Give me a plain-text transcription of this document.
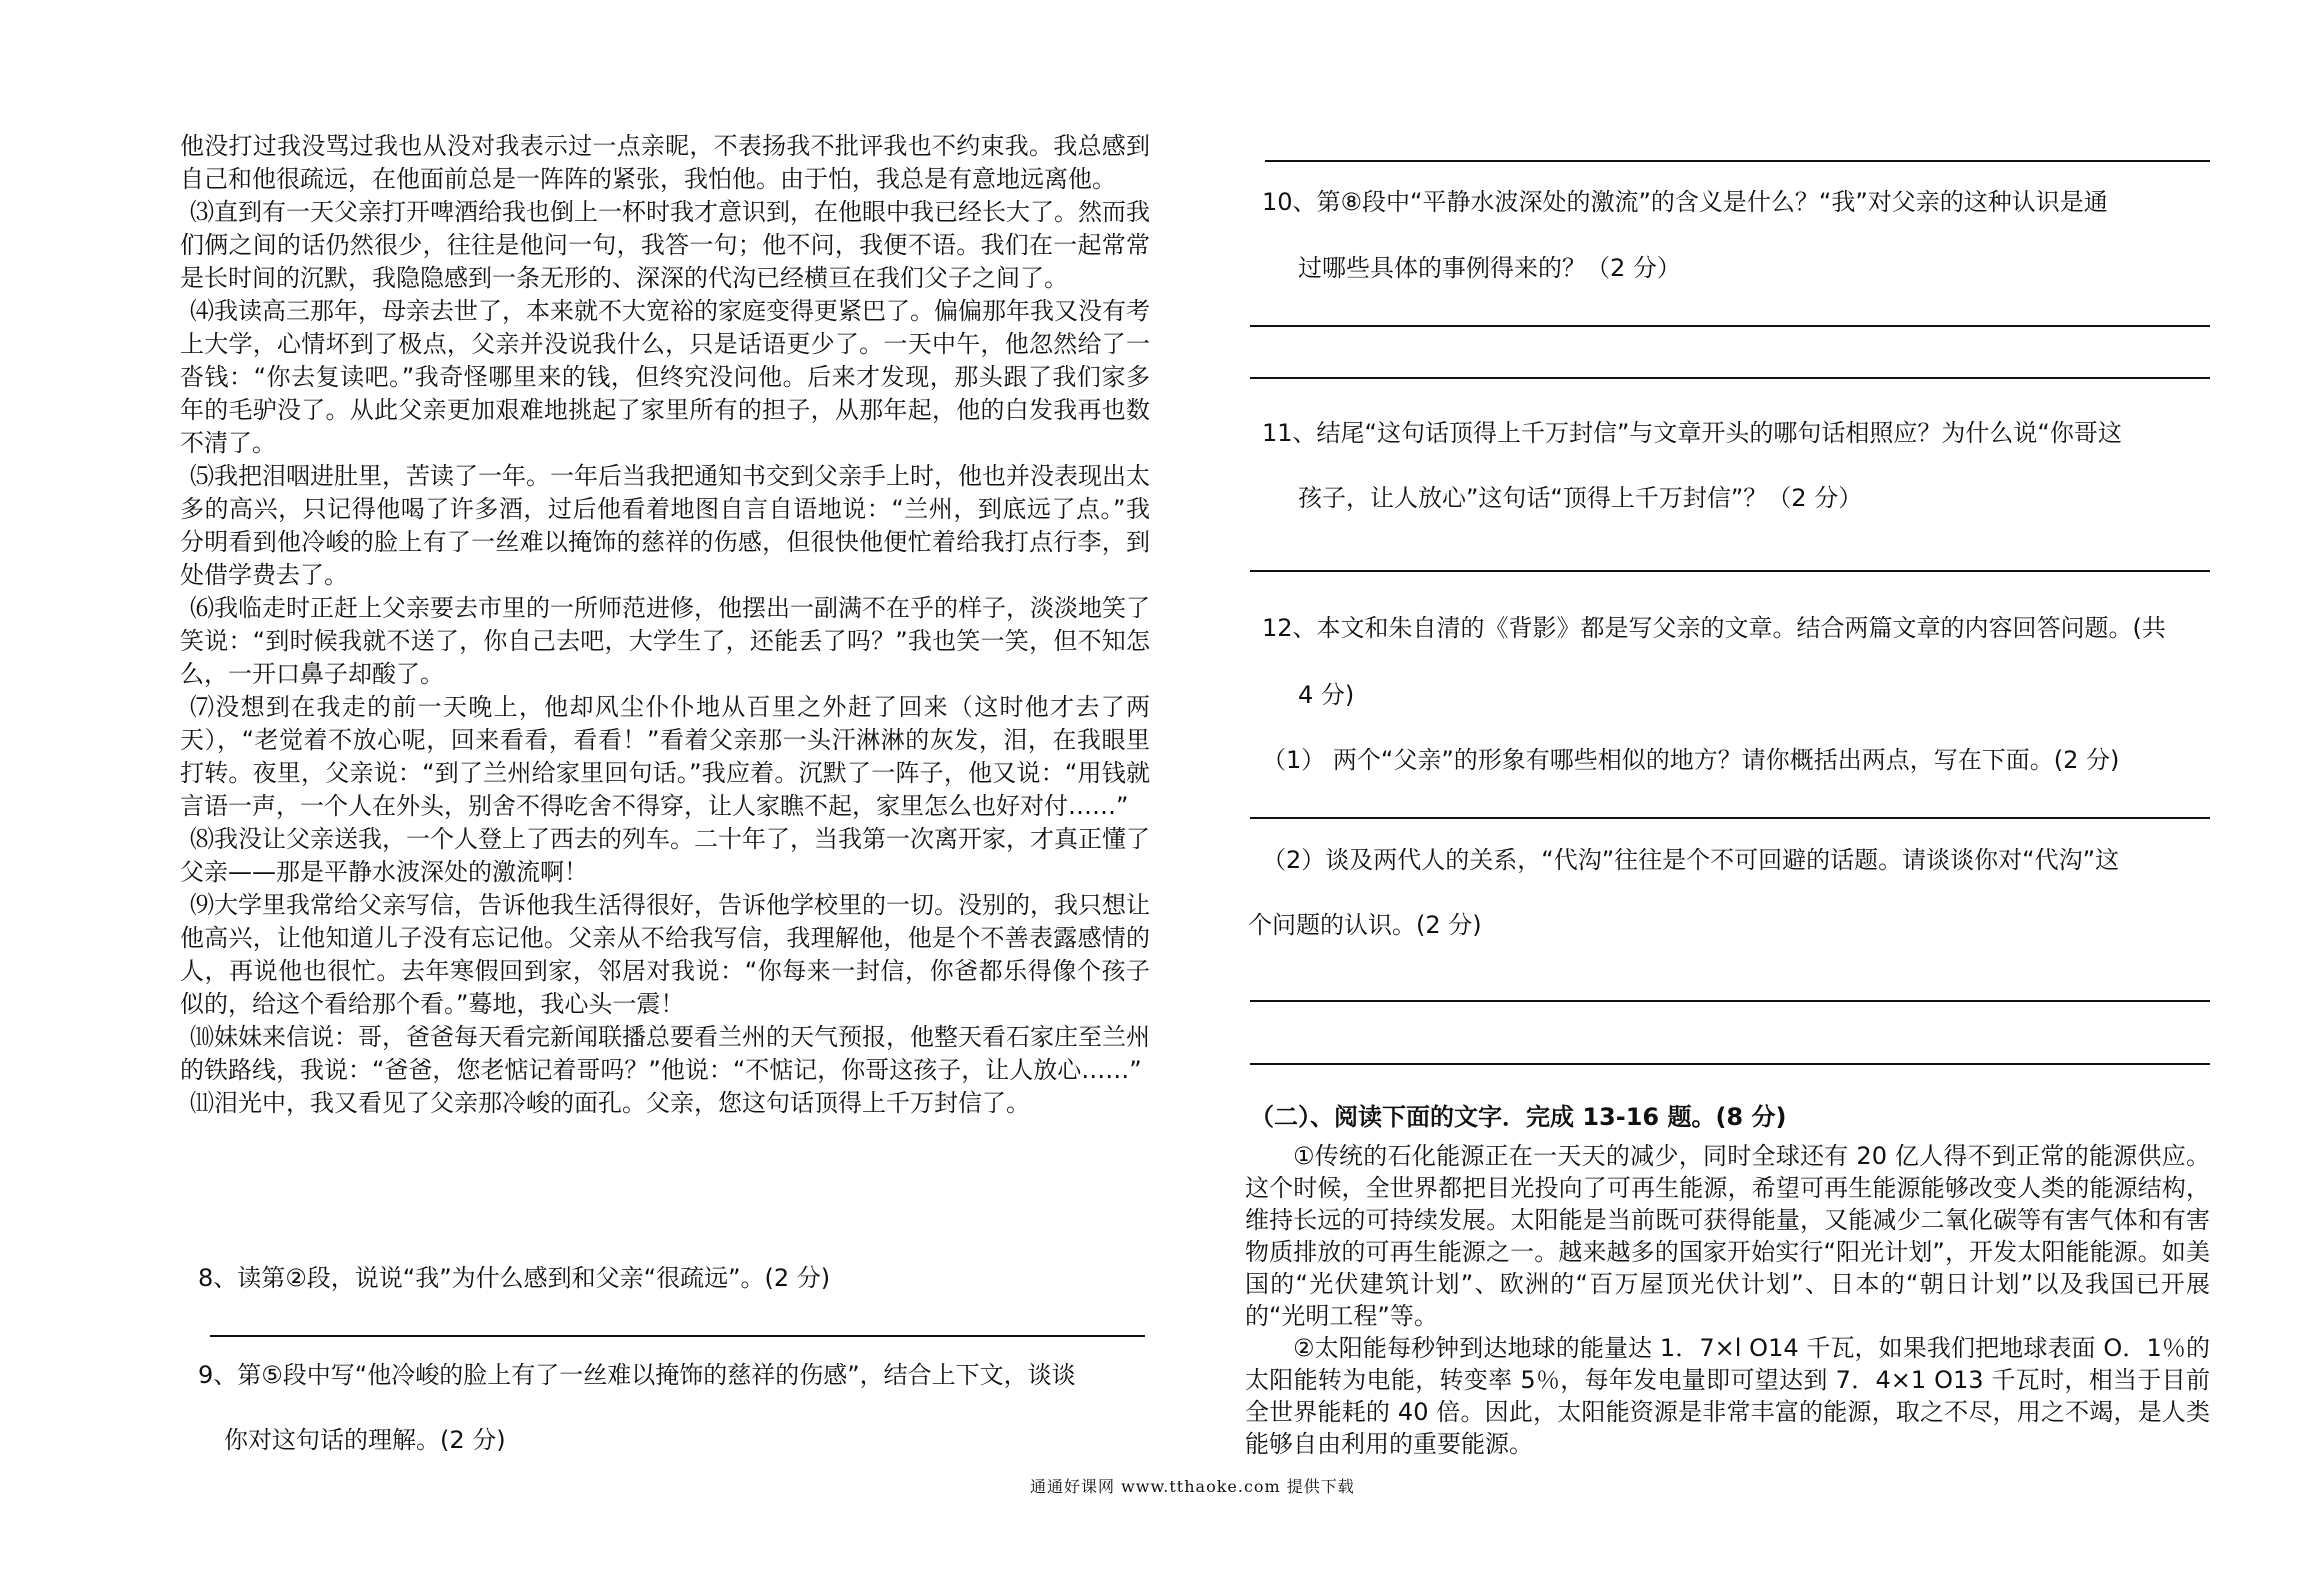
他没打过我没骂过我也从没对我表示过一点亲昵，不表扬我不批评我也不约束我。我总感到自己和他很疏远，在他面前总是一阵阵的紧张，我怕他。由于怕，我总是有意地远离他。

⑶直到有一天父亲打开啤酒给我也倒上一杯时我才意识到，在他眼中我已经长大了。然而我们俩之间的话仍然很少，往往是他问一句，我答一句；他不问，我便不语。我们在一起常常是长时间的沉默，我隐隐感到一条无形的、深深的代沟已经横亘在我们父子之间了。

⑷我读高三那年，母亲去世了，本来就不大宽裕的家庭变得更紧巴了。偏偏那年我又没有考上大学，心情坏到了极点，父亲并没说我什么，只是话语更少了。一天中午，他忽然给了一沓钱：“你去复读吧。”我奇怪哪里来的钱，但终究没问他。后来才发现，那头跟了我们家多年的毛驴没了。从此父亲更加艰难地挑起了家里所有的担子，从那年起，他的白发我再也数不清了。

⑸我把泪咽进肚里，苦读了一年。一年后当我把通知书交到父亲手上时，他也并没表现出太多的高兴，只记得他喝了许多酒，过后他看着地图自言自语地说：“兰州，到底远了点。”我分明看到他冷峻的脸上有了一丝难以掩饰的慈祥的伤感，但很快他便忙着给我打点行李，到处借学费去了。

⑹我临走时正赶上父亲要去市里的一所师范进修，他摆出一副满不在乎的样子，淡淡地笑了笑说：“到时候我就不送了，你自己去吧，大学生了，还能丢了吗？”我也笑一笑，但不知怎么，一开口鼻子却酸了。

⑺没想到在我走的前一天晚上，他却风尘仆仆地从百里之外赶了回来（这时他才去了两天），“老觉着不放心呢，回来看看，看看！”看着父亲那一头汗淋淋的灰发，泪，在我眼里打转。夜里，父亲说：“到了兰州给家里回句话。”我应着。沉默了一阵子，他又说：“用钱就言语一声，一个人在外头，别舍不得吃舍不得穿，让人家瞧不起，家里怎么也好对付……”

⑻我没让父亲送我，一个人登上了西去的列车。二十年了，当我第一次离开家，才真正懂了父亲——那是平静水波深处的激流啊！

⑼大学里我常给父亲写信，告诉他我生活得很好，告诉他学校里的一切。没别的，我只想让他高兴，让他知道儿子没有忘记他。父亲从不给我写信，我理解他，他是个不善表露感情的人，再说他也很忙。去年寒假回到家，邻居对我说：“你每来一封信，你爸都乐得像个孩子似的，给这个看给那个看。”蓦地，我心头一震！

⑽妹妹来信说：哥，爸爸每天看完新闻联播总要看兰州的天气预报，他整天看石家庄至兰州的铁路线，我说：“爸爸，您老惦记着哥吗？”他说：“不惦记，你哥这孩子，让人放心……”

⑾泪光中，我又看见了父亲那冷峻的面孔。父亲，您这句话顶得上千万封信了。

8、读第②段，说说“我”为什么感到和父亲“很疏远”。(2 分)
9、第⑤段中写“他冷峻的脸上有了一丝难以掩饰的慈祥的伤感”，结合上下文，谈谈
你对这句话的理解。(2 分)
10、第⑧段中“平静水波深处的激流”的含义是什么？“我”对父亲的这种认识是通
过哪些具体的事例得来的？（2 分）
11、结尾“这句话顶得上千万封信”与文章开头的哪句话相照应？为什么说“你哥这
孩子，让人放心”这句话“顶得上千万封信”？（2 分）
12、本文和朱自清的《背影》都是写父亲的文章。结合两篇文章的内容回答问题。(共
4 分)
（1） 两个“父亲”的形象有哪些相似的地方？请你概括出两点，写在下面。(2 分)
（2）谈及两代人的关系，“代沟”往往是个不可回避的话题。请谈谈你对“代沟”这
个问题的认识。(2 分)
（二）、阅读下面的文字．完成 13-16 题。(8 分)

①传统的石化能源正在一天天的减少，同时全球还有 20 亿人得不到正常的能源供应。这个时候，全世界都把目光投向了可再生能源，希望可再生能源能够改变人类的能源结构，维持长远的可持续发展。太阳能是当前既可获得能量，又能减少二氧化碳等有害气体和有害物质排放的可再生能源之一。越来越多的国家开始实行“阳光计划”，开发太阳能能源。如美国的“光伏建筑计划”、欧洲的“百万屋顶光伏计划”、日本的“朝日计划”以及我国已开展的“光明工程”等。

②太阳能每秒钟到达地球的能量达 1．7×l O14 千瓦，如果我们把地球表面 O．1％的太阳能转为电能，转变率 5％，每年发电量即可望达到 7．4×1 O13 千瓦时，相当于目前全世界能耗的 40 倍。因此，太阳能资源是非常丰富的能源，取之不尽，用之不竭，是人类能够自由利用的重要能源。

通通好课网 www.tthaoke.com 提供下载
